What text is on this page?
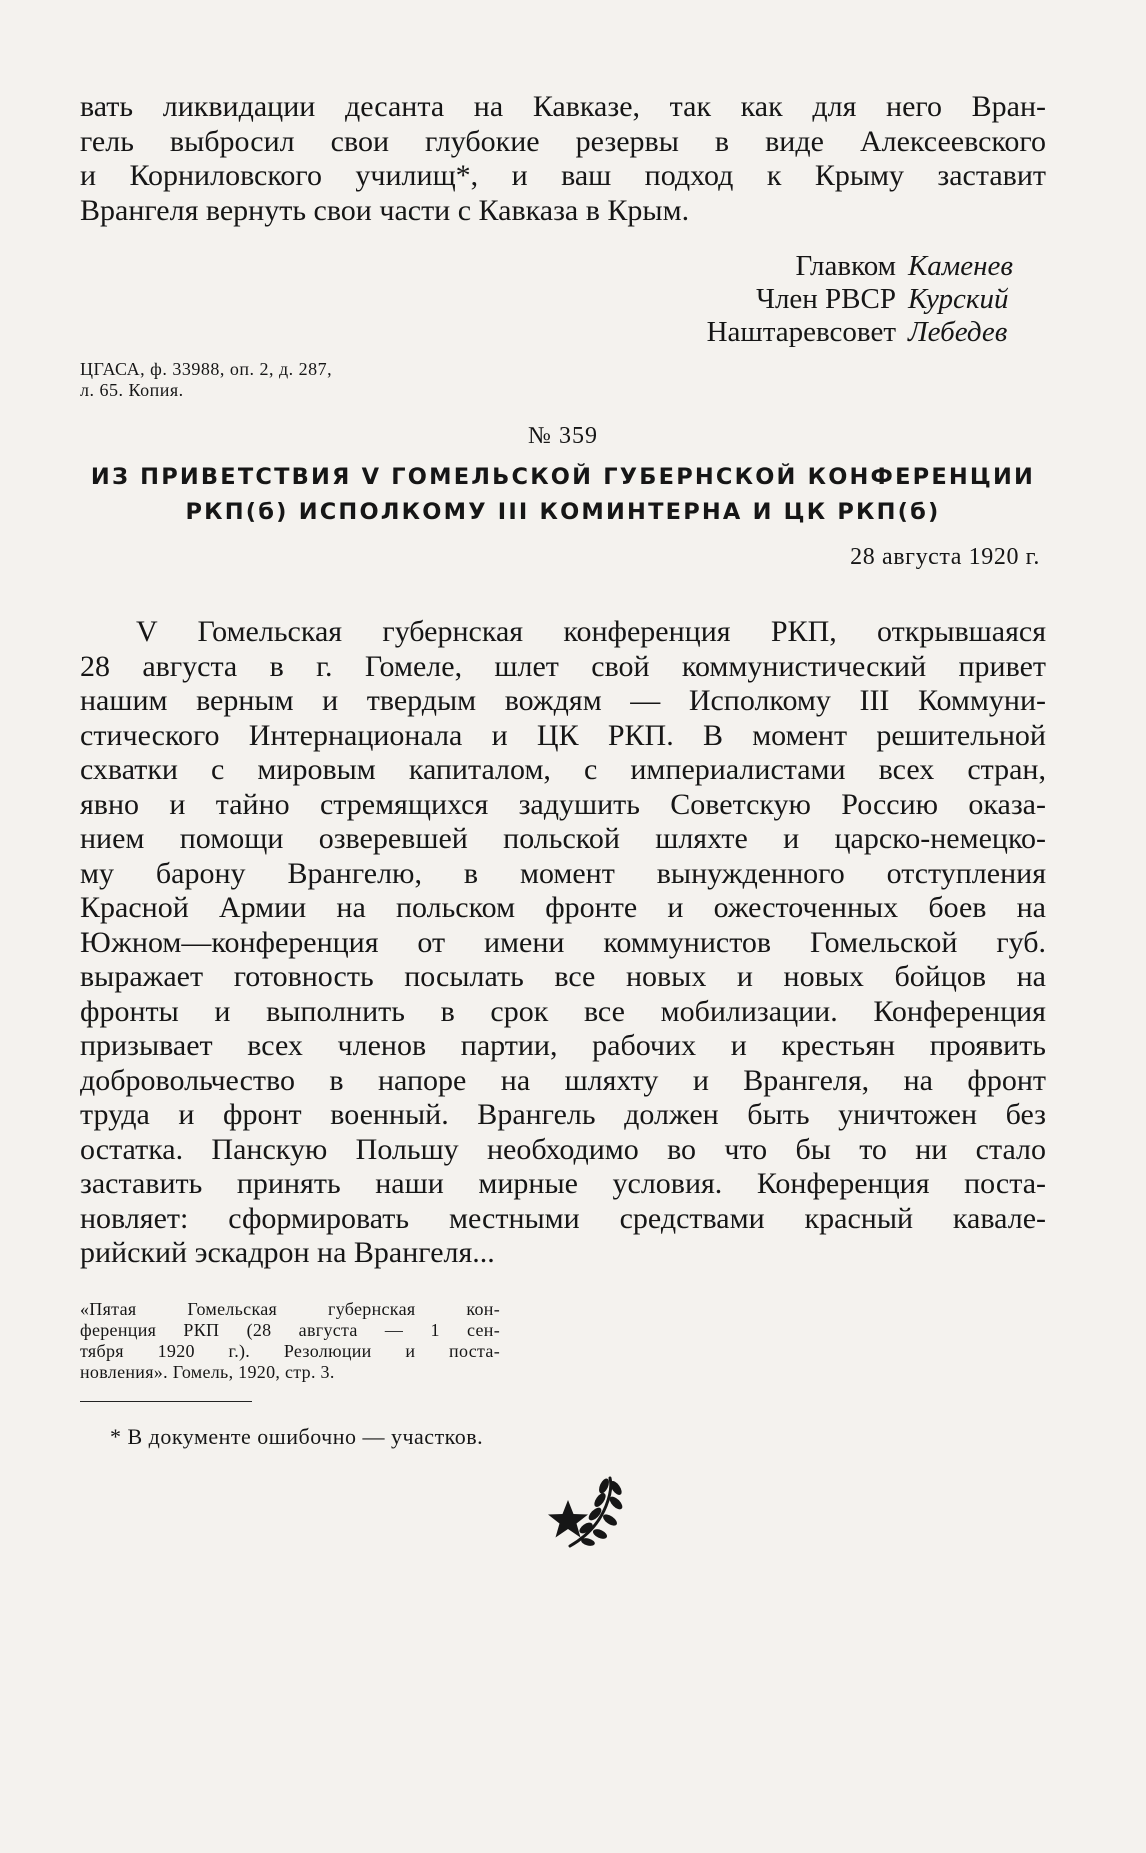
вать ликвидации десанта на Кавказе, так как для него Вран-
гель выбросил свои глубокие резервы в виде Алексеевского
и Корниловского училищ*, и ваш подход к Крыму заставит
Врангеля вернуть свои части с Кавказа в Крым.

Главком Каменев
Член РВСР Курский
Наштаревсовет Лебедев
ЦГАСА, ф. 33988, оп. 2, д. 287,
л. 65. Копия.
№ 359
ИЗ ПРИВЕТСТВИЯ V ГОМЕЛЬСКОЙ ГУБЕРНСКОЙ КОНФЕРЕНЦИИ
РКП(б) ИСПОЛКОМУ III КОМИНТЕРНА И ЦК РКП(б)
28 августа 1920 г.

V Гомельская губернская конференция РКП, открывшаяся
28 августа в г. Гомеле, шлет свой коммунистический привет
нашим верным и твердым вождям — Исполкому III Коммуни-
стического Интернационала и ЦК РКП. В момент решительной
схватки с мировым капиталом, с империалистами всех стран,
явно и тайно стремящихся задушить Советскую Россию оказа-
нием помощи озверевшей польской шляхте и царско-немецко-
му барону Врангелю, в момент вынужденного отступления
Красной Армии на польском фронте и ожесточенных боев на
Южном—конференция от имени коммунистов Гомельской губ.
выражает готовность посылать все новых и новых бойцов на
фронты и выполнить в срок все мобилизации. Конференция
призывает всех членов партии, рабочих и крестьян проявить
добровольчество в напоре на шляхту и Врангеля, на фронт
труда и фронт военный. Врангель должен быть уничтожен без
остатка. Панскую Польшу необходимо во что бы то ни стало
заставить принять наши мирные условия. Конференция поста-
новляет: сформировать местными средствами красный кавале-
рийский эскадрон на Врангеля...

«Пятая Гомельская губернская кон-
ференция РКП (28 августа — 1 сен-
тября 1920 г.). Резолюции и поста-
новления». Гомель, 1920, стр. 3.
* В документе ошибочно — участков.
